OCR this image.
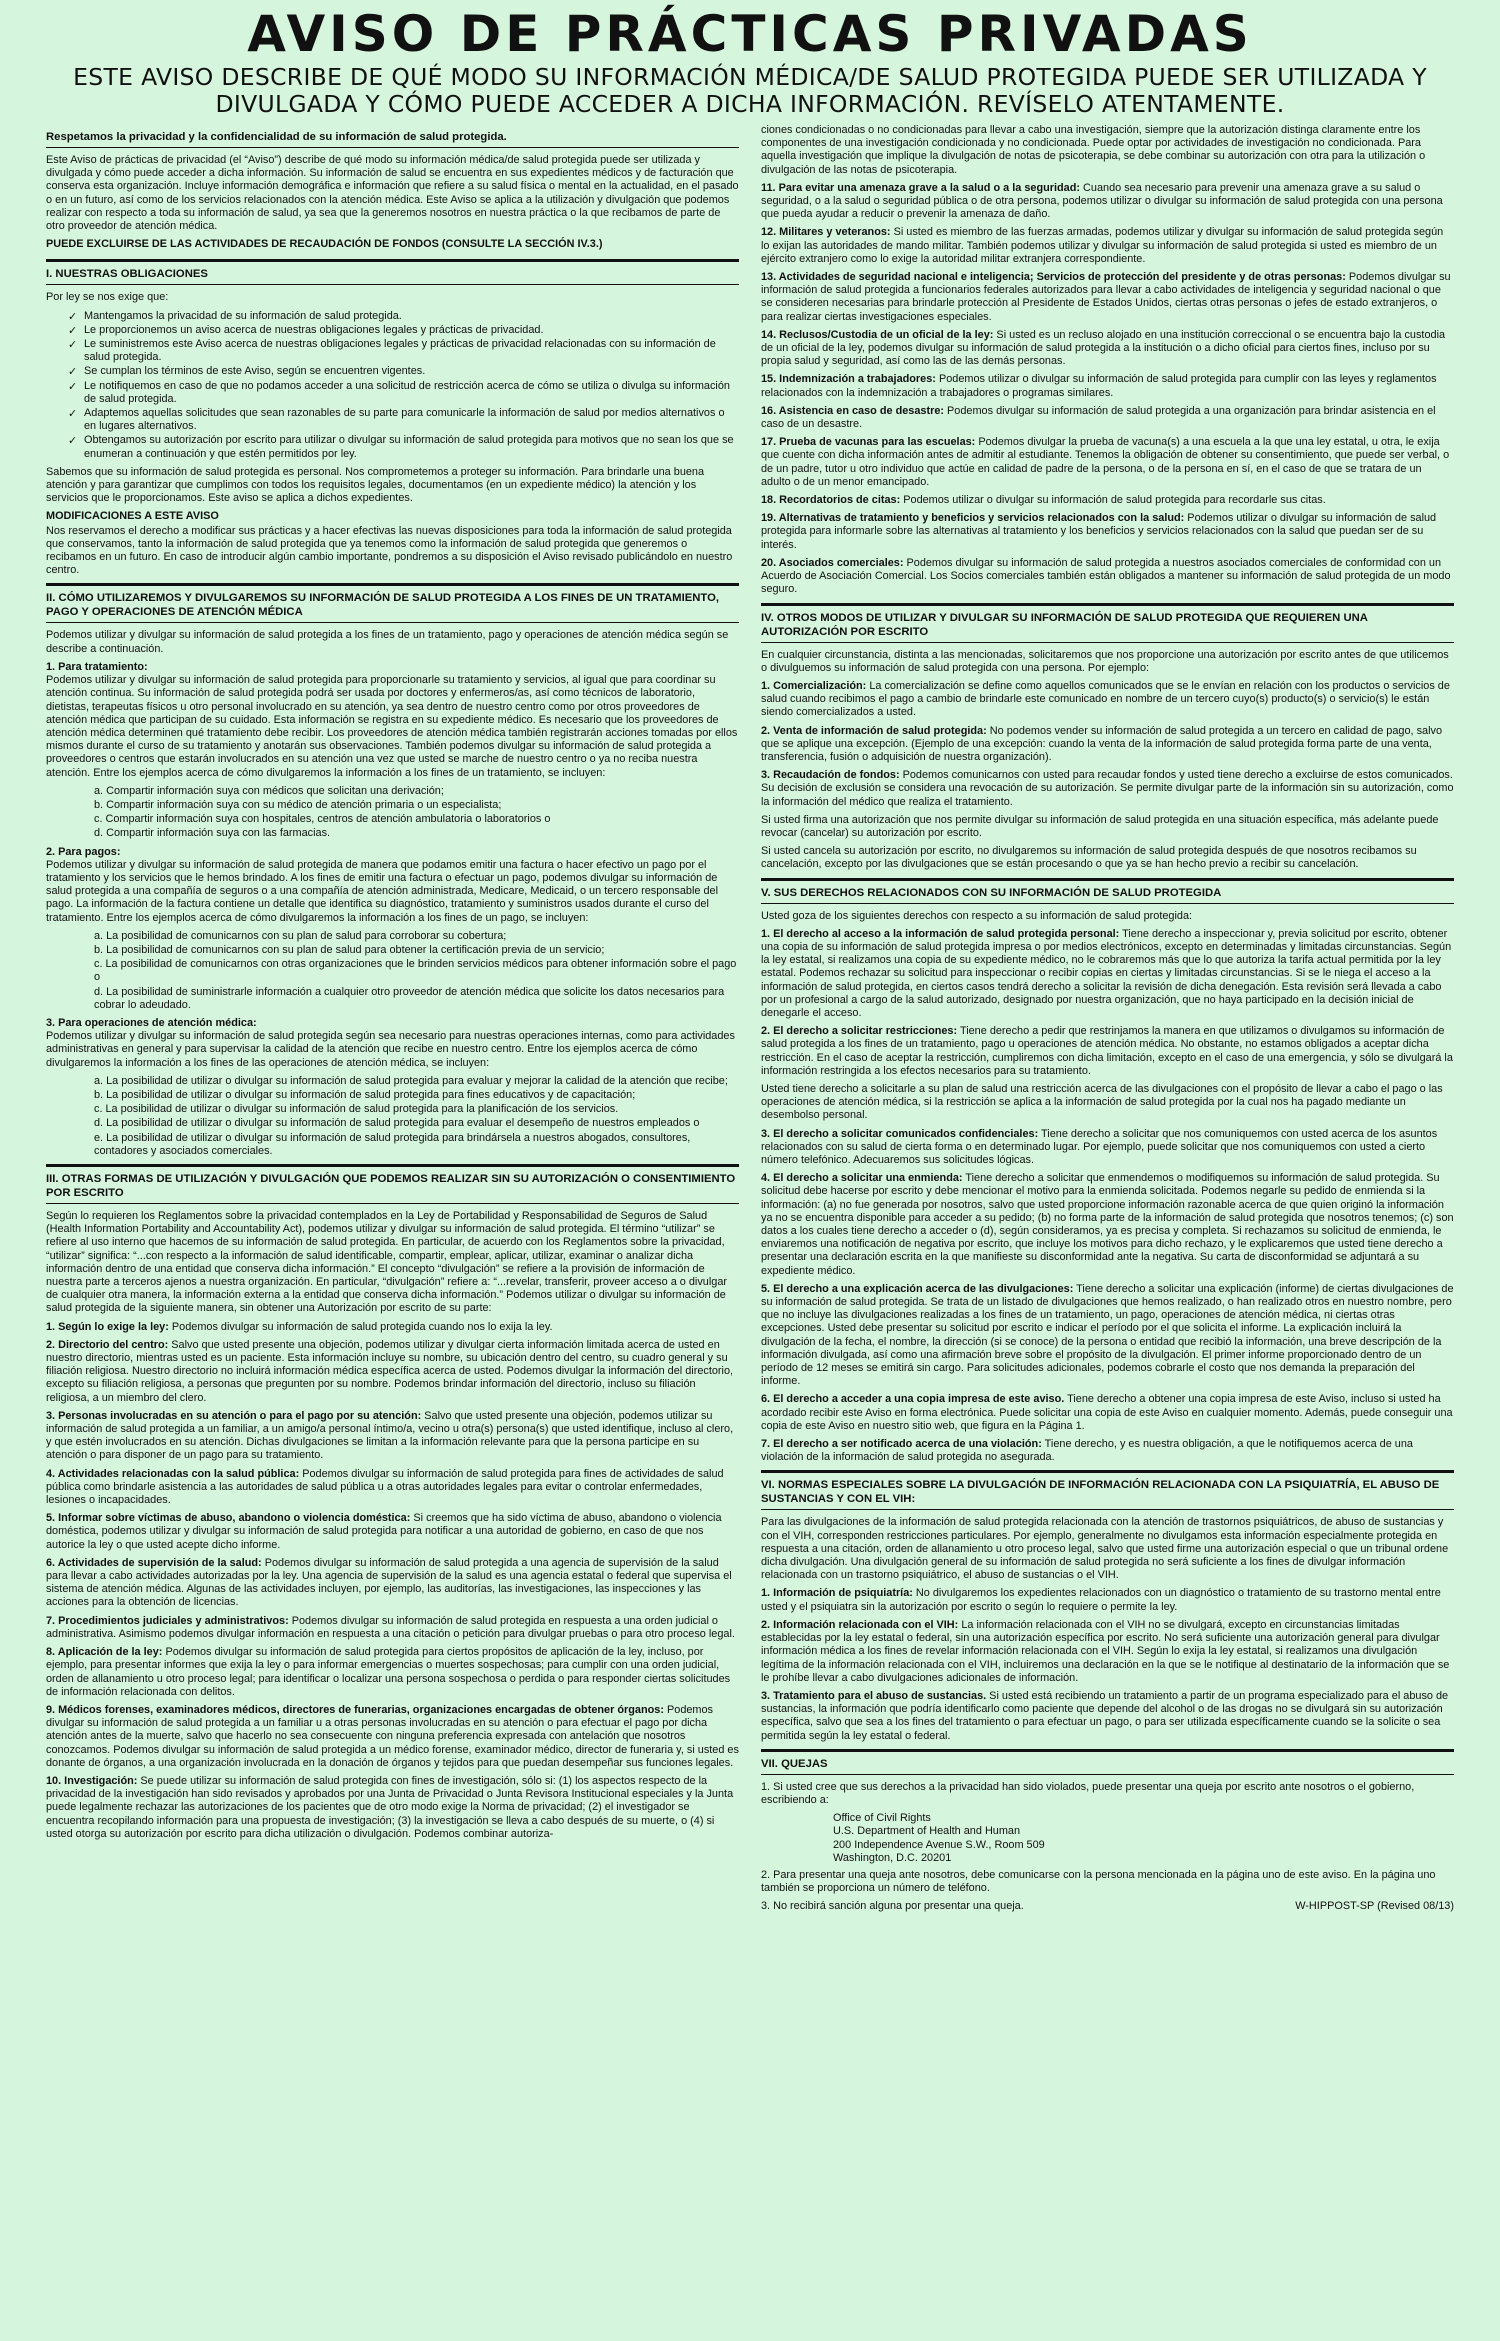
AVISO DE PRÁCTICAS PRIVADAS
ESTE AVISO DESCRIBE DE QUÉ MODO SU INFORMACIÓN MÉDICA/DE SALUD PROTEGIDA PUEDE SER UTILIZADA Y DIVULGADA Y CÓMO PUEDE ACCEDER A DICHA INFORMACIÓN. REVÍSELO ATENTAMENTE.
Respetamos la privacidad y la confidencialidad de su información de salud protegida.

Este Aviso de prácticas de privacidad (el “Aviso”) describe de qué modo su información médica/de salud protegida puede ser utilizada y divulgada y cómo puede acceder a dicha información. Su información de salud se encuentra en sus expedientes médicos y de facturación que conserva esta organización. Incluye información demográfica e información que refiere a su salud física o mental en la actualidad, en el pasado o en un futuro, así como de los servicios relacionados con la atención médica. Este Aviso se aplica a la utilización y divulgación que podemos realizar con respecto a toda su información de salud, ya sea que la generemos nosotros en nuestra práctica o la que recibamos de parte de otro proveedor de atención médica.

PUEDE EXCLUIRSE DE LAS ACTIVIDADES DE RECAUDACIÓN DE FONDOS (CONSULTE LA SECCIÓN IV.3.)

I. NUESTRAS OBLIGACIONES

Por ley se nos exige que:

✓ Mantengamos la privacidad de su información de salud protegida.
✓ Le proporcionemos un aviso acerca de nuestras obligaciones legales y prácticas de privacidad.
✓ Le suministremos este Aviso acerca de nuestras obligaciones legales y prácticas de privacidad relacionadas con su información de salud protegida.
✓ Se cumplan los términos de este Aviso, según se encuentren vigentes.
✓ Le notifiquemos en caso de que no podamos acceder a una solicitud de restricción acerca de cómo se utiliza o divulga su información de salud protegida.
✓ Adaptemos aquellas solicitudes que sean razonables de su parte para comunicarle la información de salud por medios alternativos o en lugares alternativos.
✓ Obtengamos su autorización por escrito para utilizar o divulgar su información de salud protegida para motivos que no sean los que se enumeran a continuación y que estén permitidos por ley.

Sabemos que su información de salud protegida es personal. Nos comprometemos a proteger su información. Para brindarle una buena atención y para garantizar que cumplimos con todos los requisitos legales, documentamos (en un expediente médico) la atención y los servicios que le proporcionamos. Este aviso se aplica a dichos expedientes.

MODIFICACIONES A ESTE AVISO

Nos reservamos el derecho a modificar sus prácticas y a hacer efectivas las nuevas disposiciones para toda la información de salud protegida que conservamos, tanto la información de salud protegida que ya tenemos como la información de salud protegida que generemos o recibamos en un futuro. En caso de introducir algún cambio importante, pondremos a su disposición el Aviso revisado publicándolo en nuestro centro.

II. CÓMO UTILIZAREMOS Y DIVULGAREMOS SU INFORMACIÓN DE SALUD PROTEGIDA A LOS FINES DE UN TRATAMIENTO, PAGO Y OPERACIONES DE ATENCIÓN MÉDICA

Podemos utilizar y divulgar su información de salud protegida a los fines de un tratamiento, pago y operaciones de atención médica según se describe a continuación.

1. Para tratamiento:

Podemos utilizar y divulgar su información de salud protegida para proporcionarle su tratamiento y servicios, al igual que para coordinar su atención continua. Su información de salud protegida podrá ser usada por doctores y enfermeros/as, así como técnicos de laboratorio, dietistas, terapeutas físicos u otro personal involucrado en su atención, ya sea dentro de nuestro centro como por otros proveedores de atención médica que participan de su cuidado. Esta información se registra en su expediente médico. Es necesario que los proveedores de atención médica determinen qué tratamiento debe recibir. Los proveedores de atención médica también registrarán acciones tomadas por ellos mismos durante el curso de su tratamiento y anotarán sus observaciones. También podemos divulgar su información de salud protegida a proveedores o centros que estarán involucrados en su atención una vez que usted se marche de nuestro centro o ya no reciba nuestra atención. Entre los ejemplos acerca de cómo divulgaremos la información a los fines de un tratamiento, se incluyen:

a. Compartir información suya con médicos que solicitan una derivación;
b. Compartir información suya con su médico de atención primaria o un especialista;
c. Compartir información suya con hospitales, centros de atención ambulatoria o laboratorios o
d. Compartir información suya con las farmacias.

2. Para pagos:

Podemos utilizar y divulgar su información de salud protegida de manera que podamos emitir una factura o hacer efectivo un pago por el tratamiento y los servicios que le hemos brindado. A los fines de emitir una factura o efectuar un pago, podemos divulgar su información de salud protegida a una compañía de seguros o a una compañía de atención administrada, Medicare, Medicaid, o un tercero responsable del pago. La información de la factura contiene un detalle que identifica su diagnóstico, tratamiento y suministros usados durante el curso del tratamiento. Entre los ejemplos acerca de cómo divulgaremos la información a los fines de un pago, se incluyen:

a. La posibilidad de comunicarnos con su plan de salud para corroborar su cobertura;
b. La posibilidad de comunicarnos con su plan de salud para obtener la certificación previa de un servicio;
c. La posibilidad de comunicarnos con otras organizaciones que le brinden servicios médicos para obtener información sobre el pago o
d. La posibilidad de suministrarle información a cualquier otro proveedor de atención médica que solicite los datos necesarios para cobrar lo adeudado.

3. Para operaciones de atención médica:

Podemos utilizar y divulgar su información de salud protegida según sea necesario para nuestras operaciones internas, como para actividades administrativas en general y para supervisar la calidad de la atención que recibe en nuestro centro. Entre los ejemplos acerca de cómo divulgaremos la información a los fines de las operaciones de atención médica, se incluyen:

a. La posibilidad de utilizar o divulgar su información de salud protegida para evaluar y mejorar la calidad de la atención que recibe;
b. La posibilidad de utilizar o divulgar su información de salud protegida para fines educativos y de capacitación;
c. La posibilidad de utilizar o divulgar su información de salud protegida para la planificación de los servicios.
d. La posibilidad de utilizar o divulgar su información de salud protegida para evaluar el desempeño de nuestros empleados o
e. La posibilidad de utilizar o divulgar su información de salud protegida para brindársela a nuestros abogados, consultores, contadores y asociados comerciales.
III. OTRAS FORMAS DE UTILIZACIÓN Y DIVULGACIÓN QUE PODEMOS REALIZAR SIN SU AUTORIZACIÓN O CONSENTIMIENTO POR ESCRITO

Según lo requieren los Reglamentos sobre la privacidad contemplados en la Ley de Portabilidad y Responsabilidad de Seguros de Salud (Health Information Portability and Accountability Act), podemos utilizar y divulgar su información de salud protegida. El término “utilizar” se refiere al uso interno que hacemos de su información de salud protegida. En particular, de acuerdo con los Reglamentos sobre la privacidad, “utilizar” significa: “...con respecto a la información de salud identificable, compartir, emplear, aplicar, utilizar, examinar o analizar dicha información dentro de una entidad que conserva dicha información.” El concepto “divulgación” se refiere a la provisión de información de nuestra parte a terceros ajenos a nuestra organización. En particular, “divulgación” refiere a: “...revelar, transferir, proveer acceso a o divulgar de cualquier otra manera, la información externa a la entidad que conserva dicha información.” Podemos utilizar o divulgar su información de salud protegida de la siguiente manera, sin obtener una Autorización por escrito de su parte:

1. Según lo exige la ley: Podemos divulgar su información de salud protegida cuando nos lo exija la ley.

2. Directorio del centro: Salvo que usted presente una objeción, podemos utilizar y divulgar cierta información limitada acerca de usted en nuestro directorio, mientras usted es un paciente. Esta información incluye su nombre, su ubicación dentro del centro, su cuadro general y su filiación religiosa. Nuestro directorio no incluirá información médica específica acerca de usted. Podemos divulgar la información del directorio, excepto su filiación religiosa, a personas que pregunten por su nombre. Podemos brindar información del directorio, incluso su filiación religiosa, a un miembro del clero.

3. Personas involucradas en su atención o para el pago por su atención: Salvo que usted presente una objeción, podemos utilizar su información de salud protegida a un familiar, a un amigo/a personal íntimo/a, vecino u otra(s) persona(s) que usted identifique, incluso al clero, y que estén involucrados en su atención. Dichas divulgaciones se limitan a la información relevante para que la persona participe en su atención o para disponer de un pago para su tratamiento.

4. Actividades relacionadas con la salud pública: Podemos divulgar su información de salud protegida para fines de actividades de salud pública como brindarle asistencia a las autoridades de salud pública u a otras autoridades legales para evitar o controlar enfermedades, lesiones o incapacidades.

5. Informar sobre víctimas de abuso, abandono o violencia doméstica: Si creemos que ha sido víctima de abuso, abandono o violencia doméstica, podemos utilizar y divulgar su información de salud protegida para notificar a una autoridad de gobierno, en caso de que nos autorice la ley o que usted acepte dicho informe.

6. Actividades de supervisión de la salud: Podemos divulgar su información de salud protegida a una agencia de supervisión de la salud para llevar a cabo actividades autorizadas por la ley. Una agencia de supervisión de la salud es una agencia estatal o federal que supervisa el sistema de atención médica. Algunas de las actividades incluyen, por ejemplo, las auditorías, las investigaciones, las inspecciones y las acciones para la obtención de licencias.

7. Procedimientos judiciales y administrativos: Podemos divulgar su información de salud protegida en respuesta a una orden judicial o administrativa. Asimismo podemos divulgar información en respuesta a una citación o petición para divulgar pruebas o para otro proceso legal.

8. Aplicación de la ley: Podemos divulgar su información de salud protegida para ciertos propósitos de aplicación de la ley, incluso, por ejemplo, para presentar informes que exija la ley o para informar emergencias o muertes sospechosas; para cumplir con una orden judicial, orden de allanamiento u otro proceso legal; para identificar o localizar una persona sospechosa o perdida o para responder ciertas solicitudes de información relacionada con delitos.

9. Médicos forenses, examinadores médicos, directores de funerarias, organizaciones encargadas de obtener órganos: Podemos divulgar su información de salud protegida a un familiar u a otras personas involucradas en su atención o para efectuar el pago por dicha atención antes de la muerte, salvo que hacerlo no sea consecuente con ninguna preferencia expresada con antelación que nosotros conozcamos. Podemos divulgar su información de salud protegida a un médico forense, examinador médico, director de funeraria y, si usted es donante de órganos, a una organización involucrada en la donación de órganos y tejidos para que puedan desempeñar sus funciones legales.

10. Investigación: Se puede utilizar su información de salud protegida con fines de investigación, sólo si: (1) los aspectos respecto de la privacidad de la investigación han sido revisados y aprobados por una Junta de Privacidad o Junta Revisora Institucional especiales y la Junta puede legalmente rechazar las autorizaciones de los pacientes que de otro modo exige la Norma de privacidad; (2) el investigador se encuentra recopilando información para una propuesta de investigación; (3) la investigación se lleva a cabo después de su muerte, o (4) si usted otorga su autorización por escrito para dicha utilización o divulgación. Podemos combinar autoriza-

ciones condicionadas o no condicionadas para llevar a cabo una investigación, siempre que la autorización distinga claramente entre los componentes de una investigación condicionada y no condicionada. Puede optar por actividades de investigación no condicionada. Para aquella investigación que implique la divulgación de notas de psicoterapia, se debe combinar su autorización con otra para la utilización o divulgación de las notas de psicoterapia.

11. Para evitar una amenaza grave a la salud o a la seguridad: Cuando sea necesario para prevenir una amenaza grave a su salud o seguridad, o a la salud o seguridad pública o de otra persona, podemos utilizar o divulgar su información de salud protegida con una persona que pueda ayudar a reducir o prevenir la amenaza de daño.

12. Militares y veteranos: Si usted es miembro de las fuerzas armadas, podemos utilizar y divulgar su información de salud protegida según lo exijan las autoridades de mando militar. También podemos utilizar y divulgar su información de salud protegida si usted es miembro de un ejército extranjero como lo exige la autoridad militar extranjera correspondiente.

13. Actividades de seguridad nacional e inteligencia; Servicios de protección del presidente y de otras personas: Podemos divulgar su información de salud protegida a funcionarios federales autorizados para llevar a cabo actividades de inteligencia y seguridad nacional o que se consideren necesarias para brindarle protección al Presidente de Estados Unidos, ciertas otras personas o jefes de estado extranjeros, o para realizar ciertas investigaciones especiales.

14. Reclusos/Custodia de un oficial de la ley: Si usted es un recluso alojado en una institución correccional o se encuentra bajo la custodia de un oficial de la ley, podemos divulgar su información de salud protegida a la institución o a dicho oficial para ciertos fines, incluso por su propia salud y seguridad, así como las de las demás personas.

15. Indemnización a trabajadores: Podemos utilizar o divulgar su información de salud protegida para cumplir con las leyes y reglamentos relacionados con la indemnización a trabajadores o programas similares.

16. Asistencia en caso de desastre: Podemos divulgar su información de salud protegida a una organización para brindar asistencia en el caso de un desastre.

17. Prueba de vacunas para las escuelas: Podemos divulgar la prueba de vacuna(s) a una escuela a la que una ley estatal, u otra, le exija que cuente con dicha información antes de admitir al estudiante. Tenemos la obligación de obtener su consentimiento, que puede ser verbal, o de un padre, tutor u otro individuo que actúe en calidad de padre de la persona, o de la persona en sí, en el caso de que se tratara de un adulto o de un menor emancipado.

18. Recordatorios de citas: Podemos utilizar o divulgar su información de salud protegida para recordarle sus citas.

19. Alternativas de tratamiento y beneficios y servicios relacionados con la salud: Podemos utilizar o divulgar su información de salud protegida para informarle sobre las alternativas al tratamiento y los beneficios y servicios relacionados con la salud que puedan ser de su interés.

20. Asociados comerciales: Podemos divulgar su información de salud protegida a nuestros asociados comerciales de conformidad con un Acuerdo de Asociación Comercial. Los Socios comerciales también están obligados a mantener su información de salud protegida de un modo seguro.

IV. OTROS MODOS DE UTILIZAR Y DIVULGAR SU INFORMACIÓN DE SALUD PROTEGIDA QUE REQUIEREN UNA AUTORIZACIÓN POR ESCRITO

En cualquier circunstancia, distinta a las mencionadas, solicitaremos que nos proporcione una autorización por escrito antes de que utilicemos o divulguemos su información de salud protegida con una persona. Por ejemplo:

1. Comercialización: La comercialización se define como aquellos comunicados que se le envían en relación con los productos o servicios de salud cuando recibimos el pago a cambio de brindarle este comunicado en nombre de un tercero cuyo(s) producto(s) o servicio(s) le están siendo comercializados a usted.

2. Venta de información de salud protegida: No podemos vender su información de salud protegida a un tercero en calidad de pago, salvo que se aplique una excepción. (Ejemplo de una excepción: cuando la venta de la información de salud protegida forma parte de una venta, transferencia, fusión o adquisición de nuestra organización).

3. Recaudación de fondos: Podemos comunicarnos con usted para recaudar fondos y usted tiene derecho a excluirse de estos comunicados. Su decisión de exclusión se considera una revocación de su autorización. Se permite divulgar parte de la información sin su autorización, como la información del médico que realiza el tratamiento.

Si usted firma una autorización que nos permite divulgar su información de salud protegida en una situación específica, más adelante puede revocar (cancelar) su autorización por escrito.

Si usted cancela su autorización por escrito, no divulgaremos su información de salud protegida después de que nosotros recibamos su cancelación, excepto por las divulgaciones que se están procesando o que ya se han hecho previo a recibir su cancelación.

V. SUS DERECHOS RELACIONADOS CON SU INFORMACIÓN DE SALUD PROTEGIDA

Usted goza de los siguientes derechos con respecto a su información de salud protegida:

1. El derecho al acceso a la información de salud protegida personal: Tiene derecho a inspeccionar y, previa solicitud por escrito, obtener una copia de su información de salud protegida impresa o por medios electrónicos, excepto en determinadas y limitadas circunstancias. Según la ley estatal, si realizamos una copia de su expediente médico, no le cobraremos más que lo que autoriza la tarifa actual permitida por la ley estatal. Podemos rechazar su solicitud para inspeccionar o recibir copias en ciertas y limitadas circunstancias. Si se le niega el acceso a la información de salud protegida, en ciertos casos tendrá derecho a solicitar la revisión de dicha denegación. Esta revisión será llevada a cabo por un profesional a cargo de la salud autorizado, designado por nuestra organización, que no haya participado en la decisión inicial de denegarle el acceso.

2. El derecho a solicitar restricciones: Tiene derecho a pedir que restrinjamos la manera en que utilizamos o divulgamos su información de salud protegida a los fines de un tratamiento, pago u operaciones de atención médica. No obstante, no estamos obligados a aceptar dicha restricción. En el caso de aceptar la restricción, cumpliremos con dicha limitación, excepto en el caso de una emergencia, y sólo se divulgará la información restringida a los efectos necesarios para su tratamiento.

Usted tiene derecho a solicitarle a su plan de salud una restricción acerca de las divulgaciones con el propósito de llevar a cabo el pago o las operaciones de atención médica, si la restricción se aplica a la información de salud protegida por la cual nos ha pagado mediante un desembolso personal.

3. El derecho a solicitar comunicados confidenciales: Tiene derecho a solicitar que nos comuniquemos con usted acerca de los asuntos relacionados con su salud de cierta forma o en determinado lugar. Por ejemplo, puede solicitar que nos comuniquemos con usted a cierto número telefónico. Adecuaremos sus solicitudes lógicas.

4. El derecho a solicitar una enmienda: Tiene derecho a solicitar que enmendemos o modifiquemos su información de salud protegida. Su solicitud debe hacerse por escrito y debe mencionar el motivo para la enmienda solicitada. Podemos negarle su pedido de enmienda si la información: (a) no fue generada por nosotros, salvo que usted proporcione información razonable acerca de que quien originó la información ya no se encuentra disponible para acceder a su pedido; (b) no forma parte de la información de salud protegida que nosotros tenemos; (c) son datos a los cuales tiene derecho a acceder o (d), según consideramos, ya es precisa y completa. Si rechazamos su solicitud de enmienda, le enviaremos una notificación de negativa por escrito, que incluye los motivos para dicho rechazo, y le explicaremos que usted tiene derecho a presentar una declaración escrita en la que manifieste su disconformidad ante la negativa. Su carta de disconformidad se adjuntará a su expediente médico.

5. El derecho a una explicación acerca de las divulgaciones: Tiene derecho a solicitar una explicación (informe) de ciertas divulgaciones de su información de salud protegida. Se trata de un listado de divulgaciones que hemos realizado, o han realizado otros en nuestro nombre, pero que no incluye las divulgaciones realizadas a los fines de un tratamiento, un pago, operaciones de atención médica, ni ciertas otras excepciones. Usted debe presentar su solicitud por escrito e indicar el período por el que solicita el informe. La explicación incluirá la divulgación de la fecha, el nombre, la dirección (si se conoce) de la persona o entidad que recibió la información, una breve descripción de la información divulgada, así como una afirmación breve sobre el propósito de la divulgación. El primer informe proporcionado dentro de un período de 12 meses se emitirá sin cargo. Para solicitudes adicionales, podemos cobrarle el costo que nos demanda la preparación del informe.

6. El derecho a acceder a una copia impresa de este aviso. Tiene derecho a obtener una copia impresa de este Aviso, incluso si usted ha acordado recibir este Aviso en forma electrónica. Puede solicitar una copia de este Aviso en cualquier momento. Además, puede conseguir una copia de este Aviso en nuestro sitio web, que figura en la Página 1.

7. El derecho a ser notificado acerca de una violación: Tiene derecho, y es nuestra obligación, a que le notifiquemos acerca de una violación de la información de salud protegida no asegurada.

VI. NORMAS ESPECIALES SOBRE LA DIVULGACIÓN DE INFORMACIÓN RELACIONADA CON LA PSIQUIATRÍA, EL ABUSO DE SUSTANCIAS Y CON EL VIH:

Para las divulgaciones de la información de salud protegida relacionada con la atención de trastornos psiquiátricos, de abuso de sustancias y con el VIH, corresponden restricciones particulares. Por ejemplo, generalmente no divulgamos esta información especialmente protegida en respuesta a una citación, orden de allanamiento u otro proceso legal, salvo que usted firme una autorización especial o que un tribunal ordene dicha divulgación. Una divulgación general de su información de salud protegida no será suficiente a los fines de divulgar información relacionada con un trastorno psiquiátrico, el abuso de sustancias o el VIH.

1. Información de psiquiatría: No divulgaremos los expedientes relacionados con un diagnóstico o tratamiento de su trastorno mental entre usted y el psiquiatra sin la autorización por escrito o según lo requiere o permite la ley.

2. Información relacionada con el VIH: La información relacionada con el VIH no se divulgará, excepto en circunstancias limitadas establecidas por la ley estatal o federal, sin una autorización específica por escrito. No será suficiente una autorización general para divulgar información médica a los fines de revelar información relacionada con el VIH. Según lo exija la ley estatal, si realizamos una divulgación legítima de la información relacionada con el VIH, incluiremos una declaración en la que se le notifique al destinatario de la información que se le prohíbe llevar a cabo divulgaciones adicionales de información.

3. Tratamiento para el abuso de sustancias. Si usted está recibiendo un tratamiento a partir de un programa especializado para el abuso de sustancias, la información que podría identificarlo como paciente que depende del alcohol o de las drogas no se divulgará sin su autorización específica, salvo que sea a los fines del tratamiento o para efectuar un pago, o para ser utilizada específicamente cuando se la solicite o sea permitida según la ley estatal o federal.

VII. QUEJAS

1. Si usted cree que sus derechos a la privacidad han sido violados, puede presentar una queja por escrito ante nosotros o el gobierno, escribiendo a:

Office of Civil Rights
U.S. Department of Health and Human
200 Independence Avenue S.W., Room 509
Washington, D.C. 20201

2. Para presentar una queja ante nosotros, debe comunicarse con la persona mencionada en la página uno de este aviso. En la página uno también se proporciona un número de teléfono.

3. No recibirá sanción alguna por presentar una queja.	W-HIPPOST-SP (Revised 08/13)
